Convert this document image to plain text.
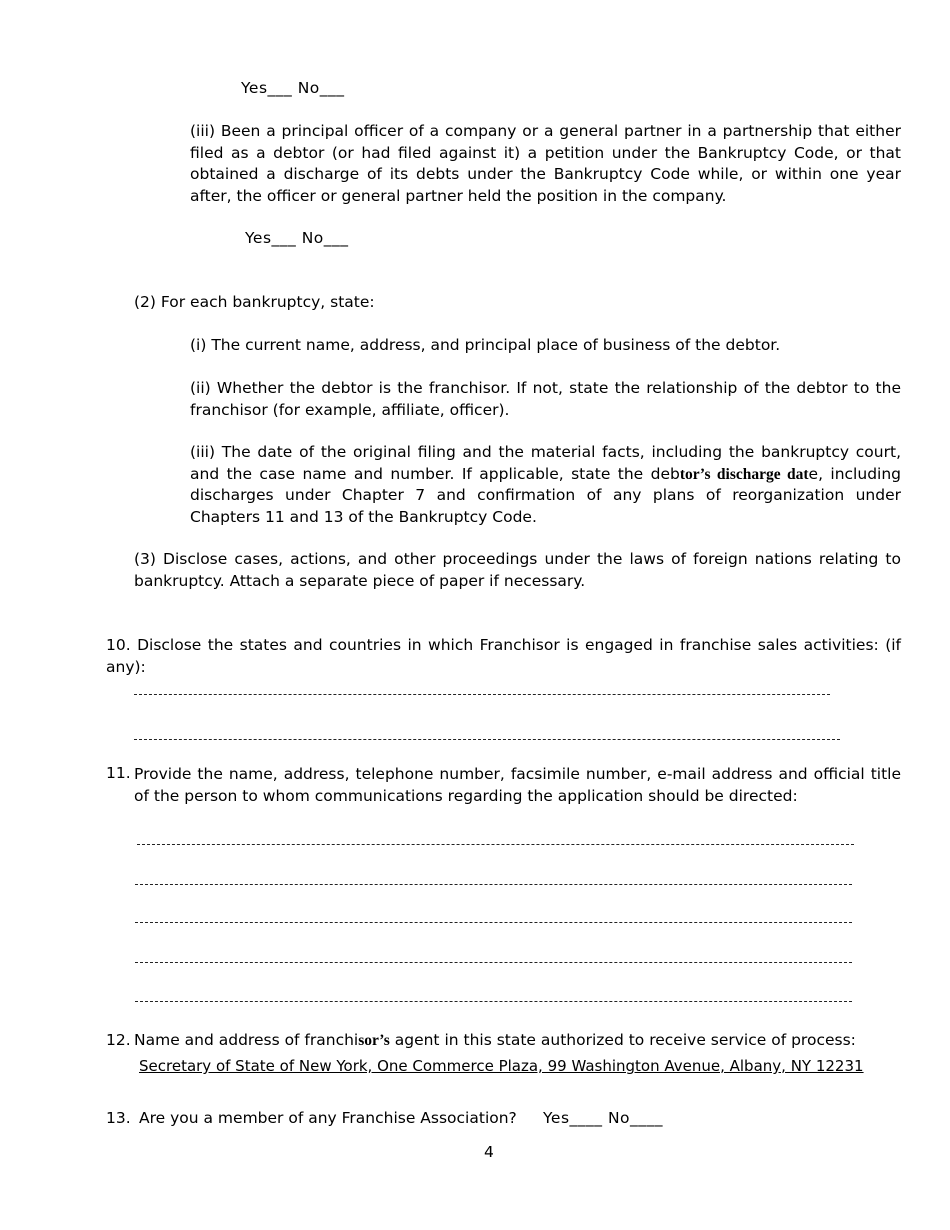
Yes___ No___
(iii) Been a principal officer of a company or a general partner in a partnership that either filed as a debtor (or had filed against it) a petition under the Bankruptcy Code, or that obtained a discharge of its debts under the Bankruptcy Code while, or within one year after, the officer or general partner held the position in the company.
Yes___ No___
(2) For each bankruptcy, state:
(i) The current name, address, and principal place of business of the debtor.
(ii) Whether the debtor is the franchisor. If not, state the relationship of the debtor to the franchisor (for example, affiliate, officer).
(iii) The date of the original filing and the material facts, including the bankruptcy court, and the case name and number. If applicable, state the debtor’s discharge date, including discharges under Chapter 7 and confirmation of any plans of reorganization under Chapters 11 and 13 of the Bankruptcy Code.
(3) Disclose cases, actions, and other proceedings under the laws of foreign nations relating to bankruptcy. Attach a separate piece of paper if necessary.
10. Disclose the states and countries in which Franchisor is engaged in franchise sales activities: (if any):
11. Provide the name, address, telephone number, facsimile number, e-mail address and official title of the person to whom communications regarding the application should be directed:
12. Name and address of franchisor’s agent in this state authorized to receive service of process:
Secretary of State of New York, One Commerce Plaza, 99 Washington Avenue, Albany, NY 12231
13. Are you a member of any Franchise Association? Yes____ No____
4
